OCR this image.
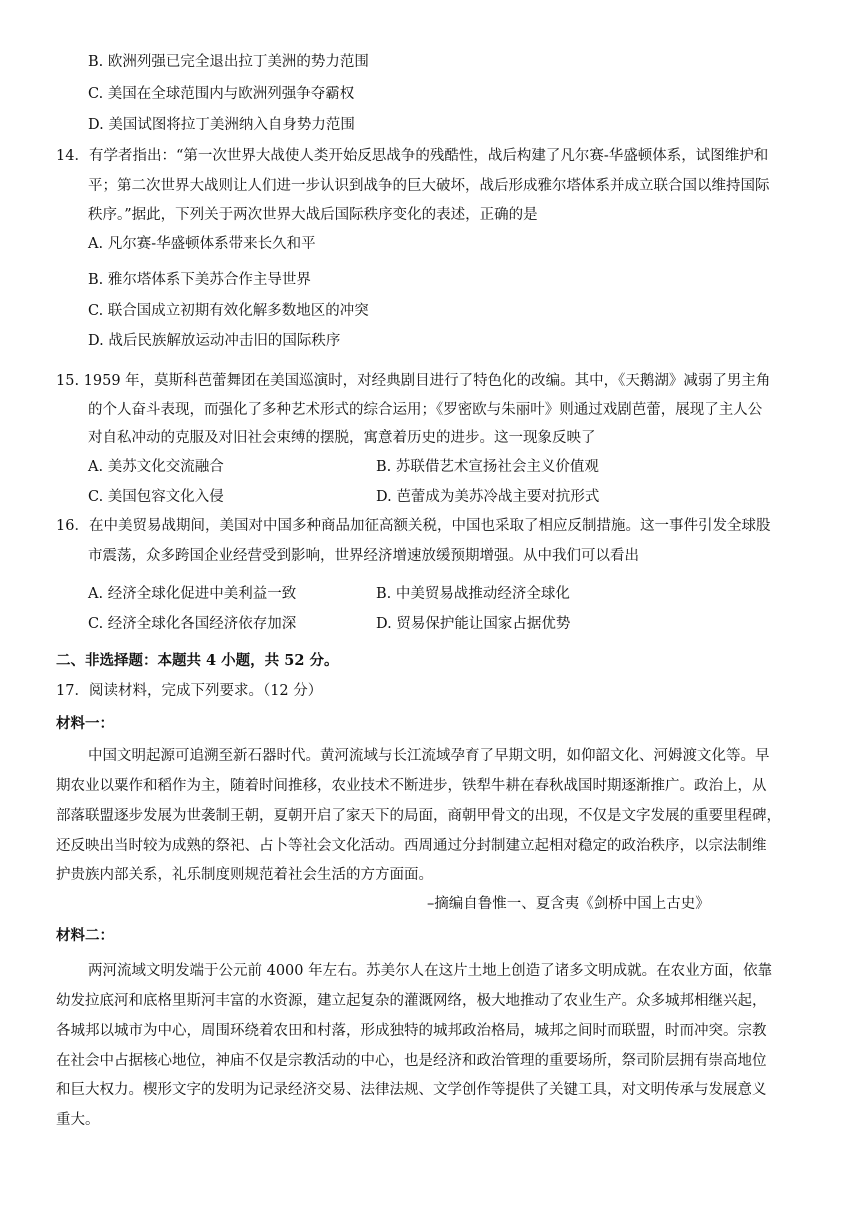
B. 欧洲列强已完全退出拉丁美洲的势力范围
C. 美国在全球范围内与欧洲列强争夺霸权
D. 美国试图将拉丁美洲纳入自身势力范围
14．有学者指出：“第一次世界大战使人类开始反思战争的残酷性，战后构建了凡尔赛-华盛顿体系，试图维护和
平；第二次世界大战则让人们进一步认识到战争的巨大破坏，战后形成雅尔塔体系并成立联合国以维持国际
秩序。”据此，下列关于两次世界大战后国际秩序变化的表述，正确的是
A. 凡尔赛-华盛顿体系带来长久和平
B. 雅尔塔体系下美苏合作主导世界
C. 联合国成立初期有效化解多数地区的冲突
D. 战后民族解放运动冲击旧的国际秩序
15. 1959 年，莫斯科芭蕾舞团在美国巡演时，对经典剧目进行了特色化的改编。其中，《天鹅湖》减弱了男主角
的个人奋斗表现，而强化了多种艺术形式的综合运用；《罗密欧与朱丽叶》则通过戏剧芭蕾，展现了主人公
对自私冲动的克服及对旧社会束缚的摆脱，寓意着历史的进步。这一现象反映了
A. 美苏文化交流融合	B. 苏联借艺术宣扬社会主义价值观
C. 美国包容文化入侵	D. 芭蕾成为美苏冷战主要对抗形式
16．在中美贸易战期间，美国对中国多种商品加征高额关税，中国也采取了相应反制措施。这一事件引发全球股
市震荡，众多跨国企业经营受到影响，世界经济增速放缓预期增强。从中我们可以看出
A. 经济全球化促进中美利益一致	B. 中美贸易战推动经济全球化
C. 经济全球化各国经济依存加深	D. 贸易保护能让国家占据优势
二、非选择题：本题共 4 小题，共 52 分。
17．阅读材料，完成下列要求。（12 分）
材料一：
中国文明起源可追溯至新石器时代。黄河流域与长江流域孕育了早期文明，如仰韶文化、河姆渡文化等。早
期农业以粟作和稻作为主，随着时间推移，农业技术不断进步，铁犁牛耕在春秋战国时期逐渐推广。政治上，从
部落联盟逐步发展为世袭制王朝，夏朝开启了家天下的局面，商朝甲骨文的出现，不仅是文字发展的重要里程碑，
还反映出当时较为成熟的祭祀、占卜等社会文化活动。西周通过分封制建立起相对稳定的政治秩序，以宗法制维
护贵族内部关系，礼乐制度则规范着社会生活的方方面面。
–摘编自鲁惟一、夏含夷《剑桥中国上古史》
材料二：
两河流域文明发端于公元前 4000 年左右。苏美尔人在这片土地上创造了诸多文明成就。在农业方面，依靠
幼发拉底河和底格里斯河丰富的水资源，建立起复杂的灌溉网络，极大地推动了农业生产。众多城邦相继兴起，
各城邦以城市为中心，周围环绕着农田和村落，形成独特的城邦政治格局，城邦之间时而联盟，时而冲突。宗教
在社会中占据核心地位，神庙不仅是宗教活动的中心，也是经济和政治管理的重要场所，祭司阶层拥有崇高地位
和巨大权力。楔形文字的发明为记录经济交易、法律法规、文学创作等提供了关键工具，对文明传承与发展意义
重大。
